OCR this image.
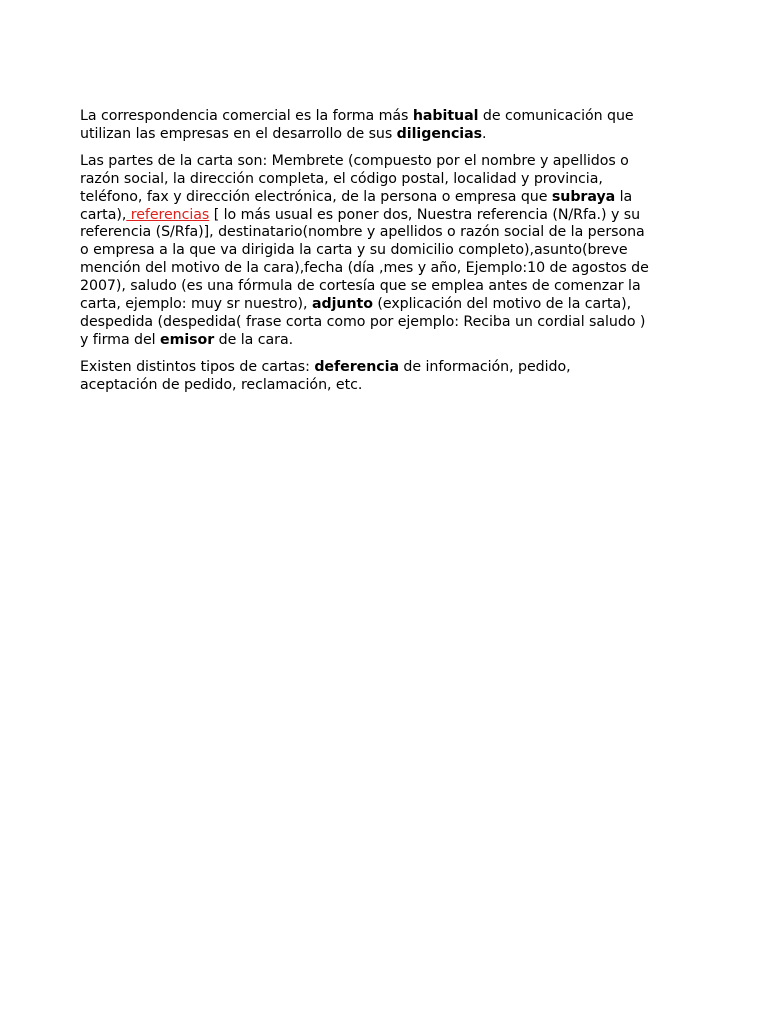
La correspondencia comercial es la forma más habitual de comunicación que utilizan las empresas en el desarrollo de sus diligencias.

Las partes de la carta son: Membrete (compuesto por el nombre y apellidos o razón social, la dirección completa, el código postal, localidad y provincia, teléfono, fax y dirección electrónica, de la persona o empresa que subraya la carta), referencias [ lo más usual es poner dos, Nuestra referencia (N/Rfa.) y su referencia (S/Rfa)], destinatario(nombre y apellidos o razón social de la persona o empresa a la que va dirigida la carta y su domicilio completo),asunto(breve mención del motivo de la cara),fecha (día ,mes y año, Ejemplo:10 de agostos de 2007), saludo (es una fórmula de cortesía que se emplea antes de comenzar la carta, ejemplo: muy sr nuestro), adjunto (explicación del motivo de la carta), despedida (despedida( frase corta como por ejemplo: Reciba un cordial saludo ) y firma del emisor de la cara.

Existen distintos tipos de cartas: deferencia de información, pedido, aceptación de pedido, reclamación, etc.
